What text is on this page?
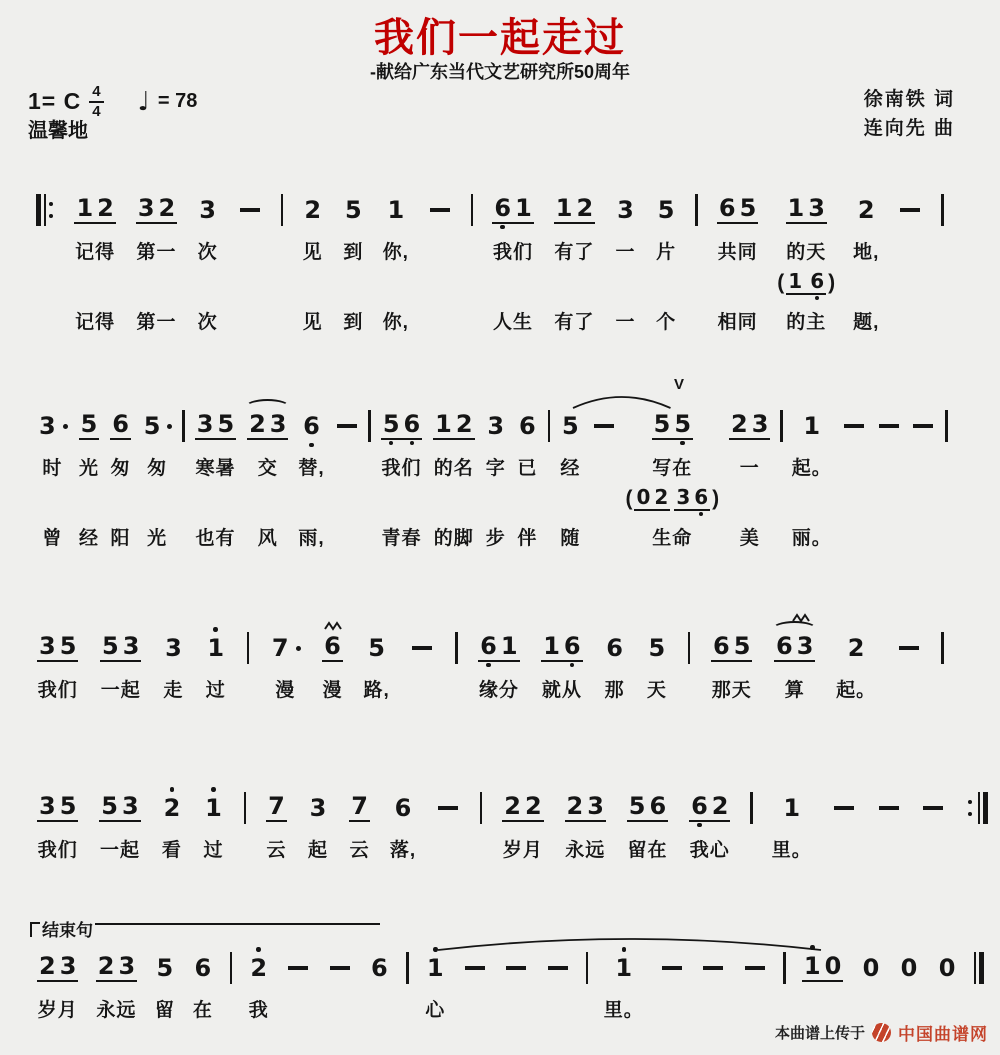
我们一起走过
-献给广东当代文艺研究所50周年
1= C $\frac{4}{4}$ ♩ = 78
温馨地
徐南铁 词
连向先 曲
结束句
1 2
记得
记得
3 2
第一
第一
3
次
次
2
见
见
5
到
到
1
你,
你,
6 1
我们
人生
1 2
有了
有了
3
一
一
5
片
个
6 5
共同
相同
1 3
的天
( 1 6 )
的主
2
地,
题,
3
时
曾
5
光
经
6
匆
阳
5
匆
光
3 5
寒暑
也有
2 3
交
风
6
替,
雨,
5 6
我们
青春
1 2
的名
的脚
3
字
步
6
已
伴
5
经
随
5 5
写在
( 0 2 3 6 )
生命
2 3
一
美
1
起。
丽。
V
3 5
我们
5 3
一起
3
走
1
过
7
漫
6
漫
5
路,
6 1
缘分
1 6
就从
6
那
5
天
6 5
那天
6 3
算
2
起。
3 5
我们
5 3
一起
2
看
1
过
7
云
3
起
7
云
6
落,
2 2
岁月
2 3
永远
5 6
留在
6 2
我心
1
里。
2 3
岁月
2 3
永远
5
留
6
在
2
我
6 1
心
1
里。
1 0 0 0 0
本曲谱上传于 中国曲谱网
